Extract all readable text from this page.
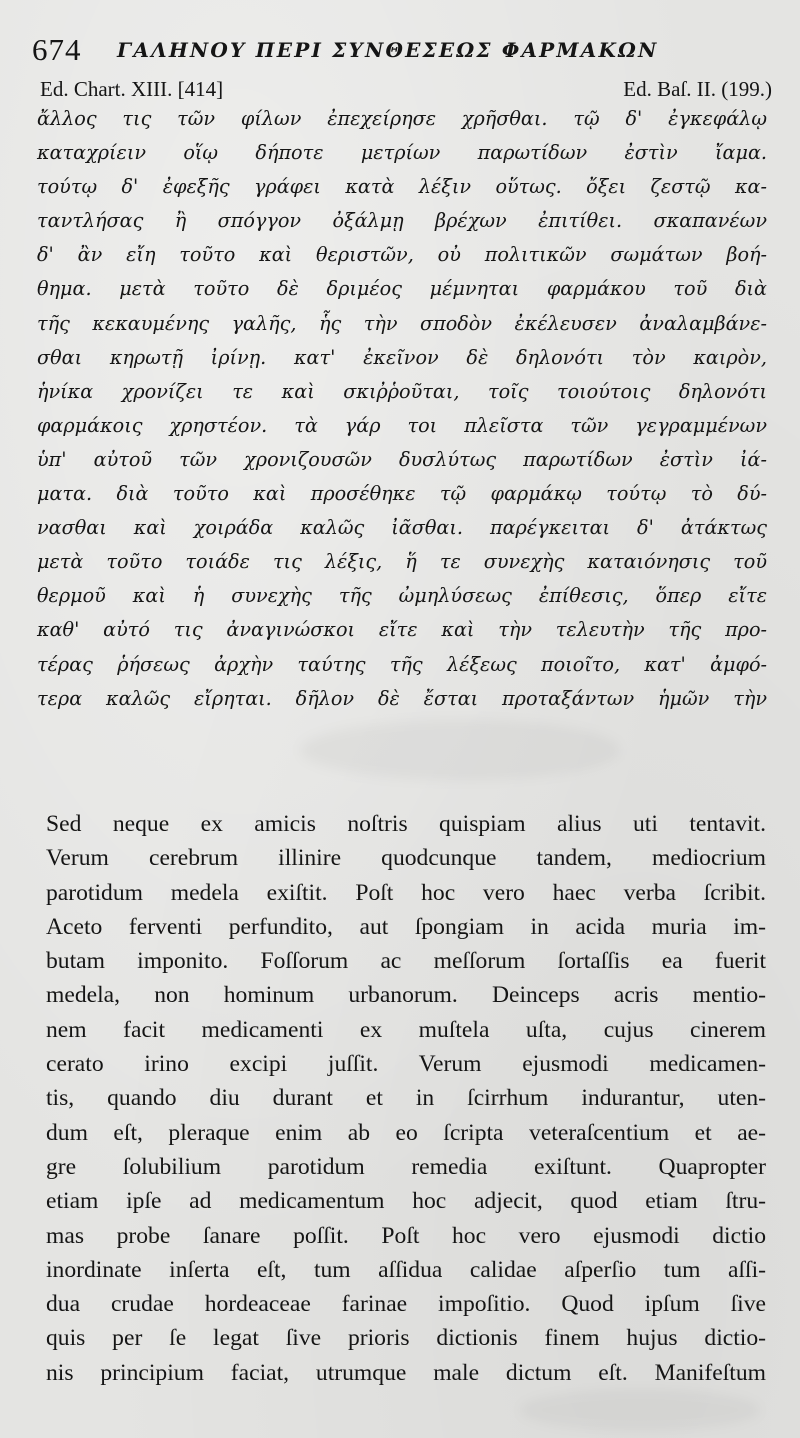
674 ΓΑΛΗΝΟΥ ΠΕΡΙ ΣΥΝΘΕΣΕΩΣ ΦΑΡΜΑΚΩΝ
Ed. Chart. XIII. [414]	Ed. Baſ. II. (199.)
ἄλλος τις τῶν φίλων ἐπεχείρησε χρῆσθαι. τῷ δ' ἐγκεφάλῳ
καταχρίειν οἵῳ δήποτε μετρίων παρωτίδων ἐστὶν ἴαμα.
τούτῳ δ' ἐφεξῆς γράφει κατὰ λέξιν οὕτως. ὄξει ζεστῷ κα-
ταντλήσας ἢ σπόγγον ὀξάλμῃ βρέχων ἐπιτίθει. σκαπανέων
δ' ἂν εἴη τοῦτο καὶ θεριστῶν, οὐ πολιτικῶν σωμάτων βοή-
θημα. μετὰ τοῦτο δὲ δριμέος μέμνηται φαρμάκου τοῦ διὰ
τῆς κεκαυμένης γαλῆς, ἧς τὴν σποδὸν ἐκέλευσεν ἀναλαμβάνε-
σθαι κηρωτῇ ἰρίνῃ. κατ' ἐκεῖνον δὲ δηλονότι τὸν καιρὸν,
ἡνίκα χρονίζει τε καὶ σκιῤῥοῦται, τοῖς τοιούτοις δηλονότι
φαρμάκοις χρηστέον. τὰ γάρ τοι πλεῖστα τῶν γεγραμμένων
ὑπ' αὐτοῦ τῶν χρονιζουσῶν δυσλύτως παρωτίδων ἐστὶν ἰά-
ματα. διὰ τοῦτο καὶ προσέθηκε τῷ φαρμάκῳ τούτῳ τὸ δύ-
νασθαι καὶ χοιράδα καλῶς ἰᾶσθαι. παρέγκειται δ' ἀτάκτως
μετὰ τοῦτο τοιάδε τις λέξις, ἥ τε συνεχὴς καταιόνησις τοῦ
θερμοῦ καὶ ἡ συνεχὴς τῆς ὠμηλύσεως ἐπίθεσις, ὅπερ εἴτε
καθ' αὐτό τις ἀναγινώσκοι εἴτε καὶ τὴν τελευτὴν τῆς προ-
τέρας ῥήσεως ἀρχὴν ταύτης τῆς λέξεως ποιοῖτο, κατ' ἀμφό-
τερα καλῶς εἴρηται. δῆλον δὲ ἔσται προταξάντων ἡμῶν τὴν
Sed neque ex amicis noſtris quispiam alius uti tentavit.
Verum cerebrum illinire quodcunque tandem, mediocrium
parotidum medela exiſtit. Poſt hoc vero haec verba ſcribit.
Aceto ferventi perfundito, aut ſpongiam in acida muria im-
butam imponito. Foſſorum ac meſſorum ſortaſſis ea fuerit
medela, non hominum urbanorum. Deinceps acris mentio-
nem facit medicamenti ex muſtela uſta, cujus cinerem
cerato irino excipi juſſit. Verum ejusmodi medicamen-
tis, quando diu durant et in ſcirrhum indurantur, uten-
dum eſt, pleraque enim ab eo ſcripta veteraſcentium et ae-
gre ſolubilium parotidum remedia exiſtunt. Quapropter
etiam ipſe ad medicamentum hoc adjecit, quod etiam ſtru-
mas probe ſanare poſſit. Poſt hoc vero ejusmodi dictio
inordinate inſerta eſt, tum aſſidua calidae aſperſio tum aſſi-
dua crudae hordeaceae farinae impoſitio. Quod ipſum ſive
quis per ſe legat ſive prioris dictionis finem hujus dictio-
nis principium faciat, utrumque male dictum eſt. Manifeſtum
